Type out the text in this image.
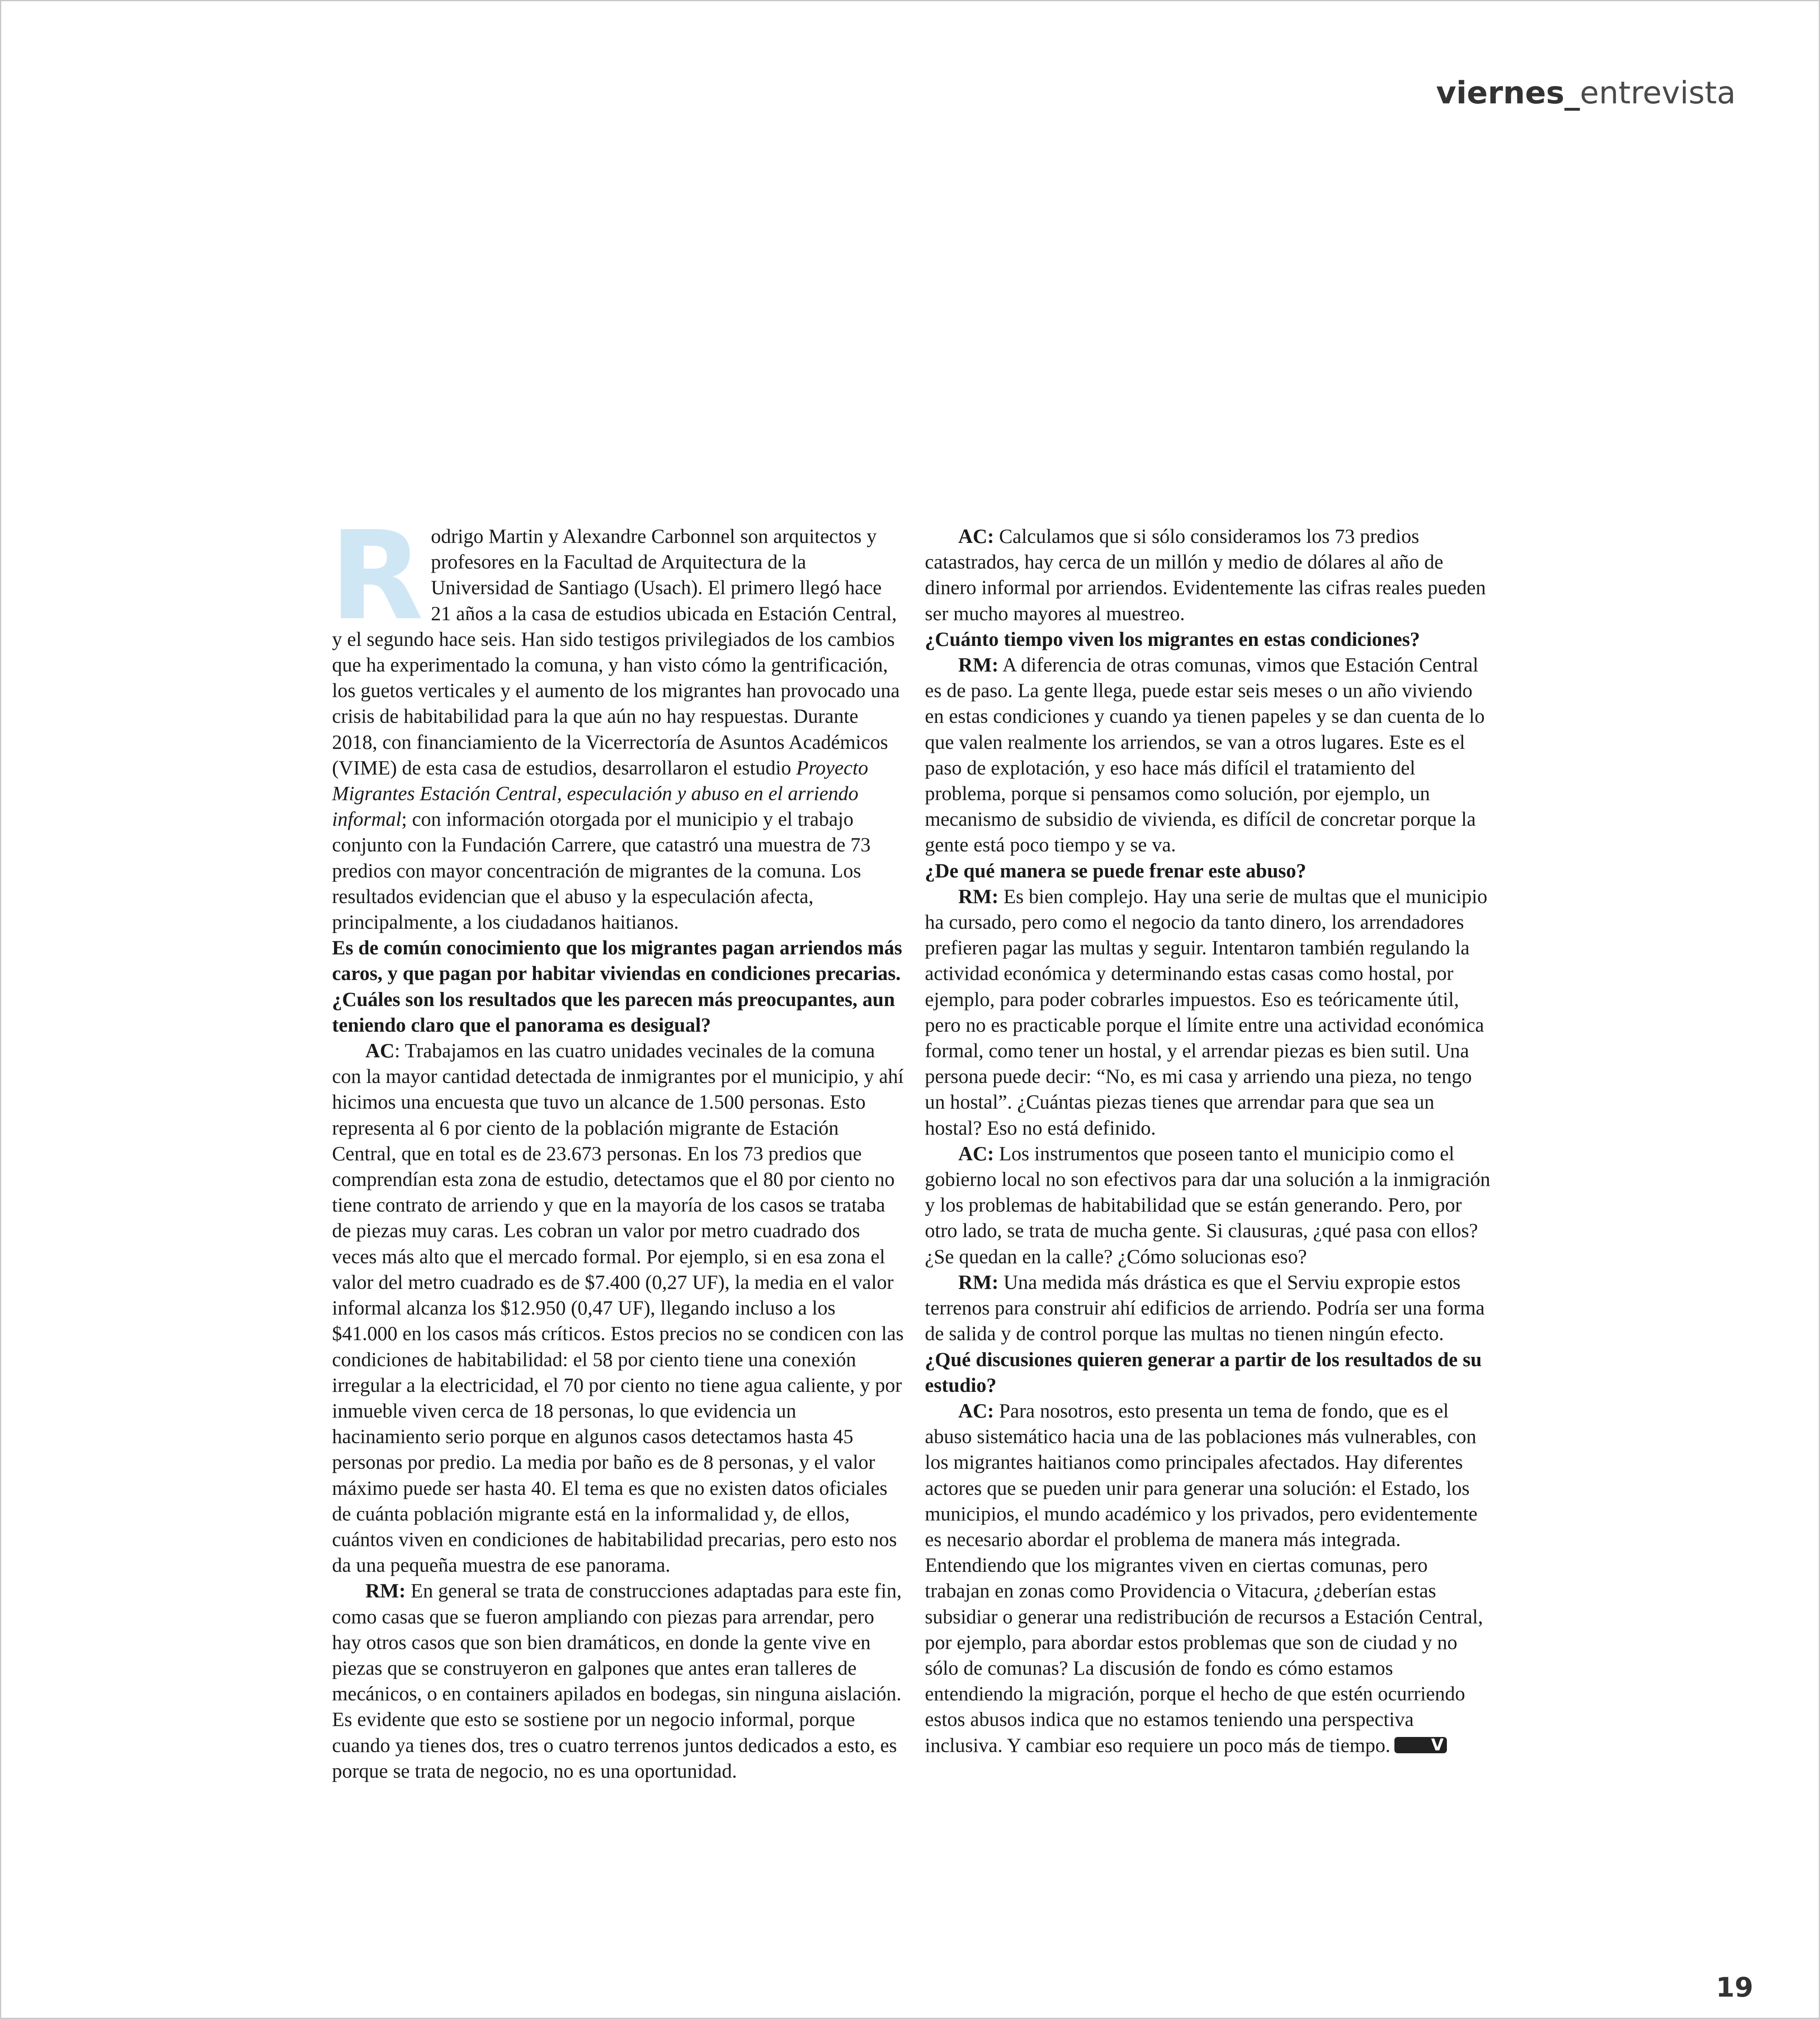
viernes_entrevista

Rodrigo Martin y Alexandre Carbonnel son arquitectos y profesores en la Facultad de Arquitectura de la Universidad de Santiago (Usach). El primero llegó hace 21 años a la casa de estudios ubicada en Estación Central, y el segundo hace seis. Han sido testigos privilegiados de los cambios que ha experimentado la comuna, y han visto cómo la gentrificación, los guetos verticales y el aumento de los migrantes han provocado una crisis de habitabilidad para la que aún no hay respuestas. Durante 2018, con financiamiento de la Vicerrectoría de Asuntos Académicos (VIME) de esta casa de estudios, desarrollaron el estudio Proyecto Migrantes Estación Central, especulación y abuso en el arriendo informal; con información otorgada por el municipio y el trabajo conjunto con la Fundación Carrere, que catastró una muestra de 73 predios con mayor concentración de migrantes de la comuna. Los resultados evidencian que el abuso y la especulación afecta, principalmente, a los ciudadanos haitianos.

Es de común conocimiento que los migrantes pagan arriendos más caros, y que pagan por habitar viviendas en condiciones precarias. ¿Cuáles son los resultados que les parecen más preocupantes, aun teniendo claro que el panorama es desigual?

AC: Trabajamos en las cuatro unidades vecinales de la comuna con la mayor cantidad detectada de inmigrantes por el municipio, y ahí hicimos una encuesta que tuvo un alcance de 1.500 personas. Esto representa al 6 por ciento de la población migrante de Estación Central, que en total es de 23.673 personas. En los 73 predios que comprendían esta zona de estudio, detectamos que el 80 por ciento no tiene contrato de arriendo y que en la mayoría de los casos se trataba de piezas muy caras. Les cobran un valor por metro cuadrado dos veces más alto que el mercado formal. Por ejemplo, si en esa zona el valor del metro cuadrado es de $7.400 (0,27 UF), la media en el valor informal alcanza los $12.950 (0,47 UF), llegando incluso a los $41.000 en los casos más críticos. Estos precios no se condicen con las condiciones de habitabilidad: el 58 por ciento tiene una conexión irregular a la electricidad, el 70 por ciento no tiene agua caliente, y por inmueble viven cerca de 18 personas, lo que evidencia un hacinamiento serio porque en algunos casos detectamos hasta 45 personas por predio. La media por baño es de 8 personas, y el valor máximo puede ser hasta 40. El tema es que no existen datos oficiales de cuánta población migrante está en la informalidad y, de ellos, cuántos viven en condiciones de habitabilidad precarias, pero esto nos da una pequeña muestra de ese panorama.

RM: En general se trata de construcciones adaptadas para este fin, como casas que se fueron ampliando con piezas para arrendar, pero hay otros casos que son bien dramáticos, en donde la gente vive en piezas que se construyeron en galpones que antes eran talleres de mecánicos, o en containers apilados en bodegas, sin ninguna aislación. Es evidente que esto se sostiene por un negocio informal, porque cuando ya tienes dos, tres o cuatro terrenos juntos dedicados a esto, es porque se trata de negocio, no es una oportunidad.

AC: Calculamos que si sólo consideramos los 73 predios catastrados, hay cerca de un millón y medio de dólares al año de dinero informal por arriendos. Evidentemente las cifras reales pueden ser mucho mayores al muestreo.

¿Cuánto tiempo viven los migrantes en estas condiciones?

RM: A diferencia de otras comunas, vimos que Estación Central es de paso. La gente llega, puede estar seis meses o un año viviendo en estas condiciones y cuando ya tienen papeles y se dan cuenta de lo que valen realmente los arriendos, se van a otros lugares. Este es el paso de explotación, y eso hace más difícil el tratamiento del problema, porque si pensamos como solución, por ejemplo, un mecanismo de subsidio de vivienda, es difícil de concretar porque la gente está poco tiempo y se va.

¿De qué manera se puede frenar este abuso?

RM: Es bien complejo. Hay una serie de multas que el municipio ha cursado, pero como el negocio da tanto dinero, los arrendadores prefieren pagar las multas y seguir. Intentaron también regulando la actividad económica y determinando estas casas como hostal, por ejemplo, para poder cobrarles impuestos. Eso es teóricamente útil, pero no es practicable porque el límite entre una actividad económica formal, como tener un hostal, y el arrendar piezas es bien sutil. Una persona puede decir: “No, es mi casa y arriendo una pieza, no tengo un hostal”. ¿Cuántas piezas tienes que arrendar para que sea un hostal? Eso no está definido.

AC: Los instrumentos que poseen tanto el municipio como el gobierno local no son efectivos para dar una solución a la inmigración y los problemas de habitabilidad que se están generando. Pero, por otro lado, se trata de mucha gente. Si clausuras, ¿qué pasa con ellos? ¿Se quedan en la calle? ¿Cómo solucionas eso?

RM: Una medida más drástica es que el Serviu expropie estos terrenos para construir ahí edificios de arriendo. Podría ser una forma de salida y de control porque las multas no tienen ningún efecto.

¿Qué discusiones quieren generar a partir de los resultados de su estudio?

AC: Para nosotros, esto presenta un tema de fondo, que es el abuso sistemático hacia una de las poblaciones más vulnerables, con los migrantes haitianos como principales afectados. Hay diferentes actores que se pueden unir para generar una solución: el Estado, los municipios, el mundo académico y los privados, pero evidentemente es necesario abordar el problema de manera más integrada. Entendiendo que los migrantes viven en ciertas comunas, pero trabajan en zonas como Providencia o Vitacura, ¿deberían estas subsidiar o generar una redistribución de recursos a Estación Central, por ejemplo, para abordar estos problemas que son de ciudad y no sólo de comunas? La discusión de fondo es cómo estamos entendiendo la migración, porque el hecho de que estén ocurriendo estos abusos indica que no estamos teniendo una perspectiva inclusiva. Y cambiar eso requiere un poco más de tiempo.	V

19
